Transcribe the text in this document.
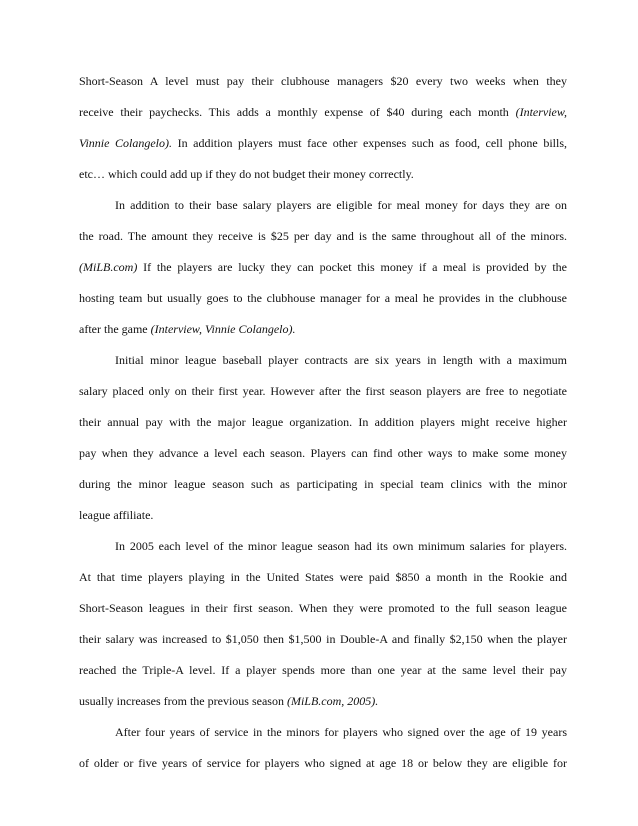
Short-Season A level must pay their clubhouse managers $20 every two weeks when they
receive their paychecks. This adds a monthly expense of $40 during each month (Interview,
Vinnie Colangelo). In addition players must face other expenses such as food, cell phone bills,
etc… which could add up if they do not budget their money correctly.
In addition to their base salary players are eligible for meal money for days they are on
the road. The amount they receive is $25 per day and is the same throughout all of the minors.
(MiLB.com) If the players are lucky they can pocket this money if a meal is provided by the
hosting team but usually goes to the clubhouse manager for a meal he provides in the clubhouse
after the game (Interview, Vinnie Colangelo).
Initial minor league baseball player contracts are six years in length with a maximum
salary placed only on their first year. However after the first season players are free to negotiate
their annual pay with the major league organization. In addition players might receive higher
pay when they advance a level each season. Players can find other ways to make some money
during the minor league season such as participating in special team clinics with the minor
league affiliate.
In 2005 each level of the minor league season had its own minimum salaries for players.
At that time players playing in the United States were paid $850 a month in the Rookie and
Short-Season leagues in their first season. When they were promoted to the full season league
their salary was increased to $1,050 then $1,500 in Double-A and finally $2,150 when the player
reached the Triple-A level. If a player spends more than one year at the same level their pay
usually increases from the previous season (MiLB.com, 2005).
After four years of service in the minors for players who signed over the age of 19 years
of older or five years of service for players who signed at age 18 or below they are eligible for
